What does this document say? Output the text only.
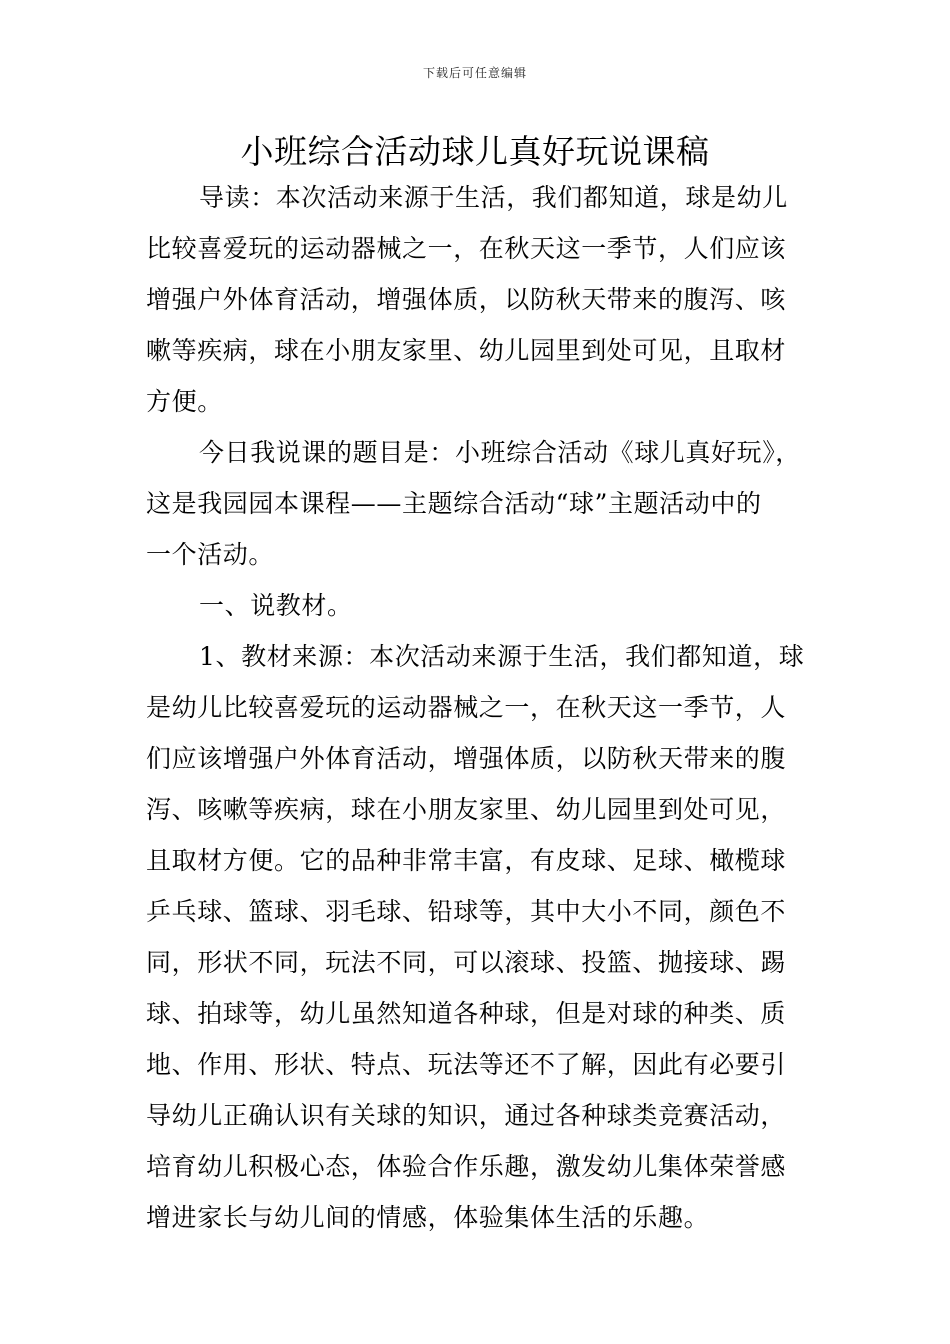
下载后可任意编辑
小班综合活动球儿真好玩说课稿
导读：本次活动来源于生活，我们都知道，球是幼儿
比较喜爱玩的运动器械之一，在秋天这一季节，人们应该
增强户外体育活动，增强体质，以防秋天带来的腹泻、咳
嗽等疾病，球在小朋友家里、幼儿园里到处可见，且取材
方便。
今日我说课的题目是：小班综合活动《球儿真好玩》，
这是我园园本课程——主题综合活动“球”主题活动中的
一个活动。
一、说教材。
1、教材来源：本次活动来源于生活，我们都知道，球
是幼儿比较喜爱玩的运动器械之一，在秋天这一季节，人
们应该增强户外体育活动，增强体质，以防秋天带来的腹
泻、咳嗽等疾病，球在小朋友家里、幼儿园里到处可见，
且取材方便。它的品种非常丰富，有皮球、足球、橄榄球
乒乓球、篮球、羽毛球、铅球等，其中大小不同，颜色不
同，形状不同，玩法不同，可以滚球、投篮、抛接球、踢
球、拍球等，幼儿虽然知道各种球，但是对球的种类、质
地、作用、形状、特点、玩法等还不了解，因此有必要引
导幼儿正确认识有关球的知识，通过各种球类竞赛活动，
培育幼儿积极心态，体验合作乐趣，激发幼儿集体荣誉感
增进家长与幼儿间的情感，体验集体生活的乐趣。
